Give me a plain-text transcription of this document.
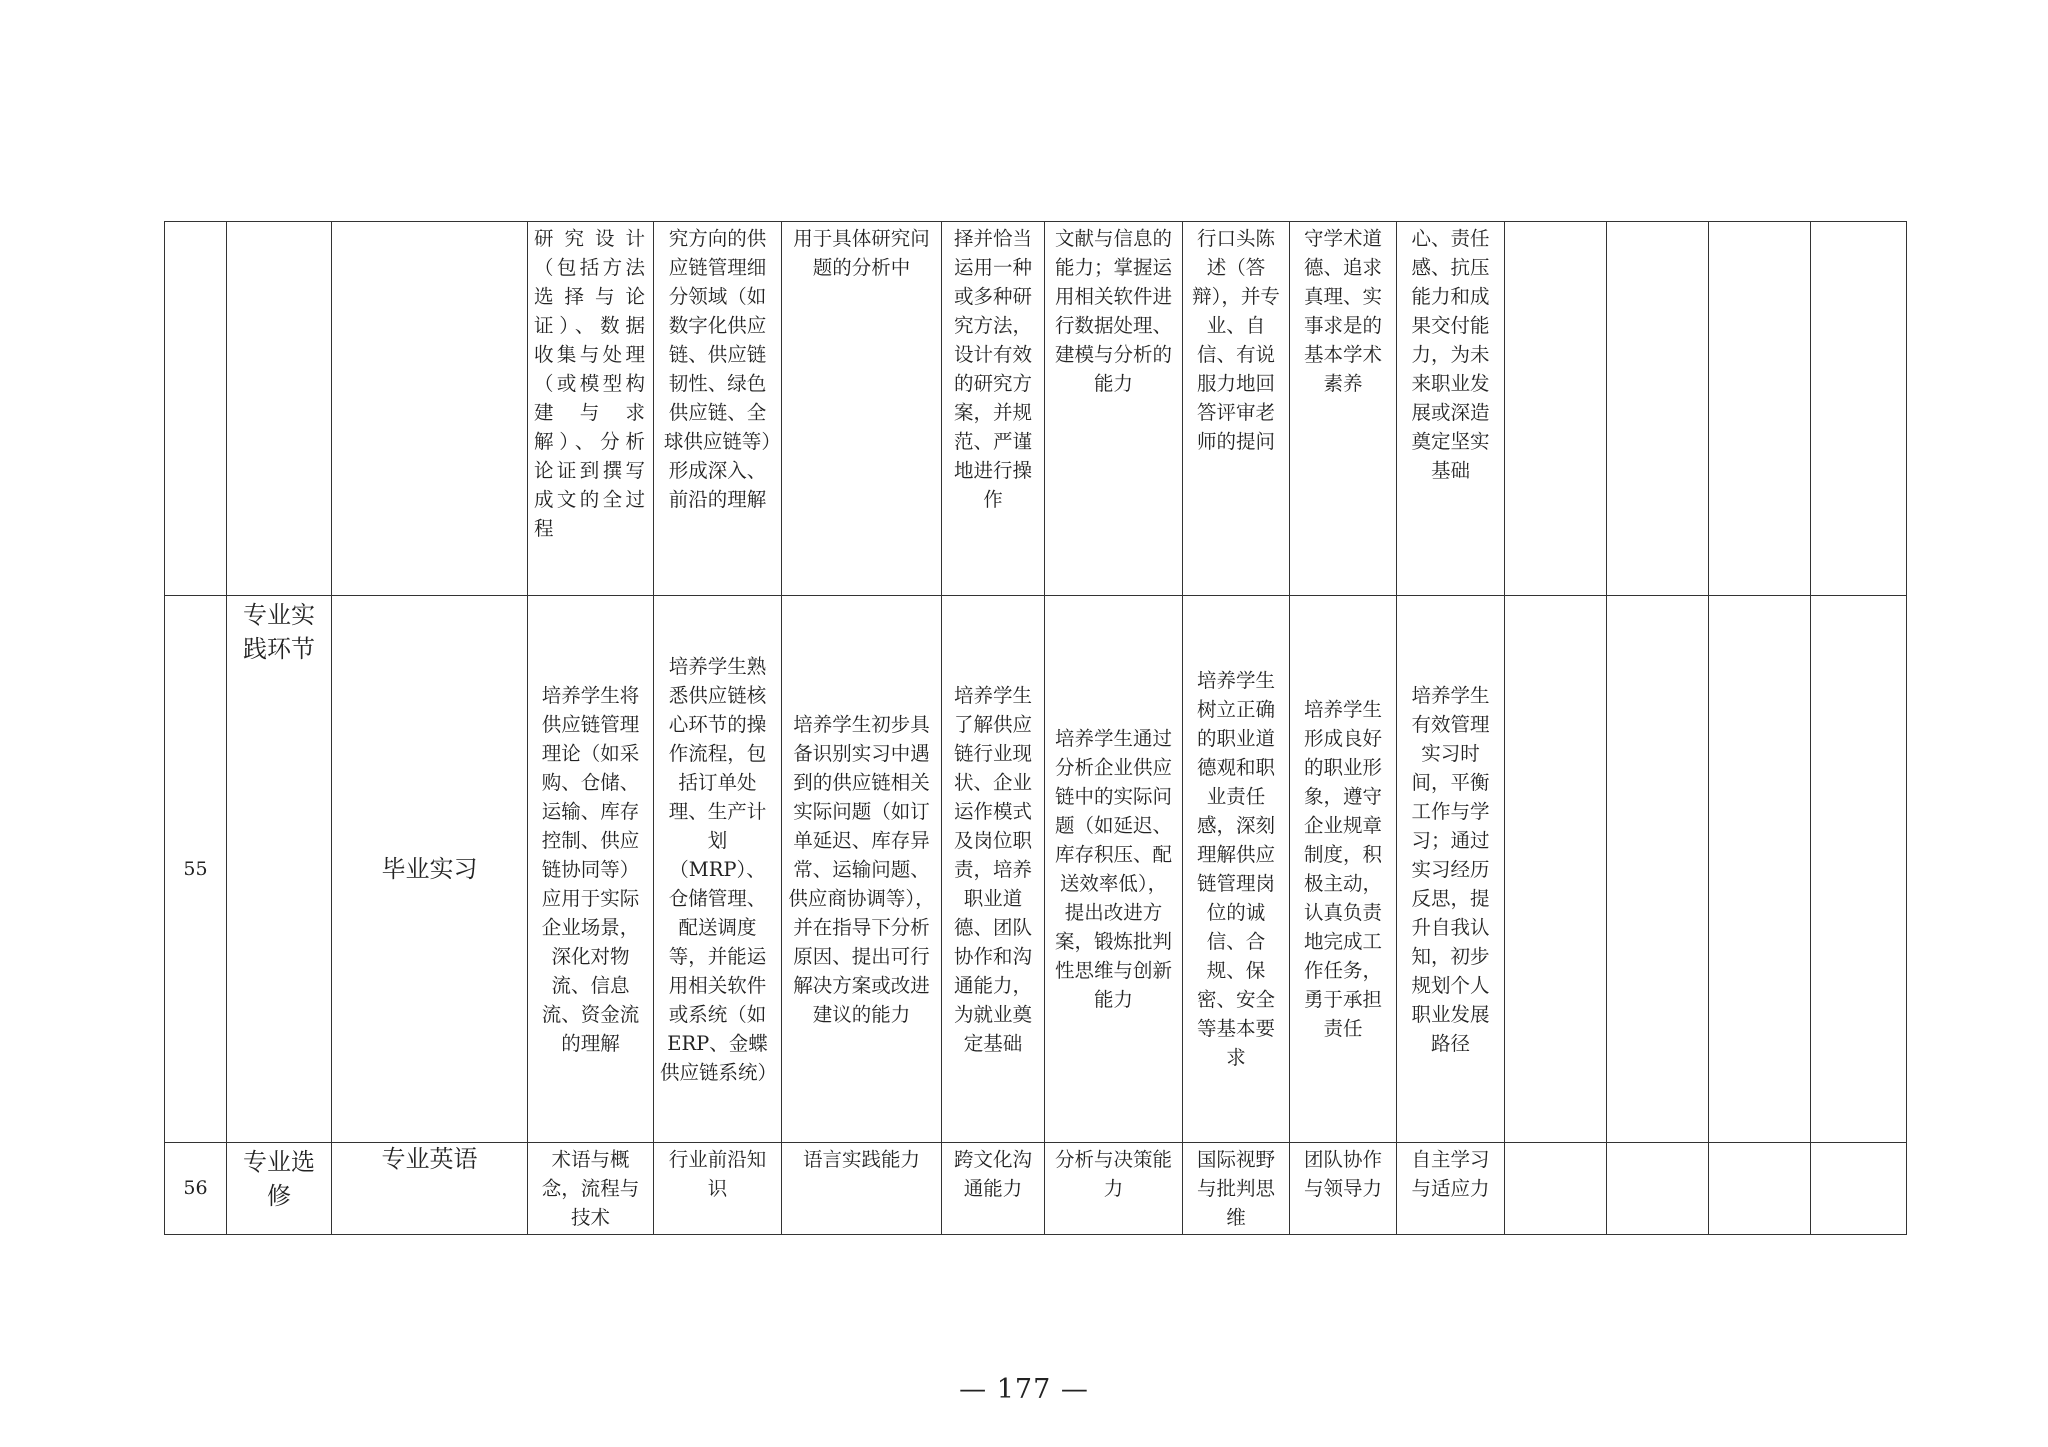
			研究设计（包括方法选择与论证）、数据收集与处理（或模型构建与求解）、分析论证到撰写成文的全过程	究方向的供应链管理细分领域（如数字化供应链、供应链韧性、绿色供应链、全球供应链等）形成深入、前沿的理解	用于具体研究问题的分析中	择并恰当运用一种或多种研究方法，设计有效的研究方案，并规范、严谨地进行操作	文献与信息的能力；掌握运用相关软件进行数据处理、建模与分析的能力	行口头陈述（答辩），并专业、自信、有说服力地回答评审老师的提问	守学术道德、追求真理、实事求是的基本学术素养	心、责任感、抗压能力和成果交付能力，为未来职业发展或深造奠定坚实基础				
55	专业实践环节	毕业实习	培养学生将供应链管理理论（如采购、仓储、运输、库存控制、供应链协同等）应用于实际企业场景，深化对物流、信息流、资金流的理解	培养学生熟悉供应链核心环节的操作流程，包括订单处理、生产计划（MRP）、仓储管理、配送调度等，并能运用相关软件或系统（如ERP、金蝶供应链系统）	培养学生初步具备识别实习中遇到的供应链相关实际问题（如订单延迟、库存异常、运输问题、供应商协调等），并在指导下分析原因、提出可行解决方案或改进建议的能力	培养学生了解供应链行业现状、企业运作模式及岗位职责，培养职业道德、团队协作和沟通能力，为就业奠定基础	培养学生通过分析企业供应链中的实际问题（如延迟、库存积压、配送效率低），提出改进方案，锻炼批判性思维与创新能力	培养学生树立正确的职业道德观和职业责任感，深刻理解供应链管理岗位的诚信、合规、保密、安全等基本要求	培养学生形成良好的职业形象，遵守企业规章制度，积极主动，认真负责地完成工作任务，勇于承担责任	培养学生有效管理实习时间，平衡工作与学习；通过实习经历反思，提升自我认知，初步规划个人职业发展路径				
56	专业选修	专业英语	术语与概念，流程与技术	行业前沿知识	语言实践能力	跨文化沟通能力	分析与决策能力	国际视野与批判思维	团队协作与领导力	自主学习与适应力				
— 177 —
